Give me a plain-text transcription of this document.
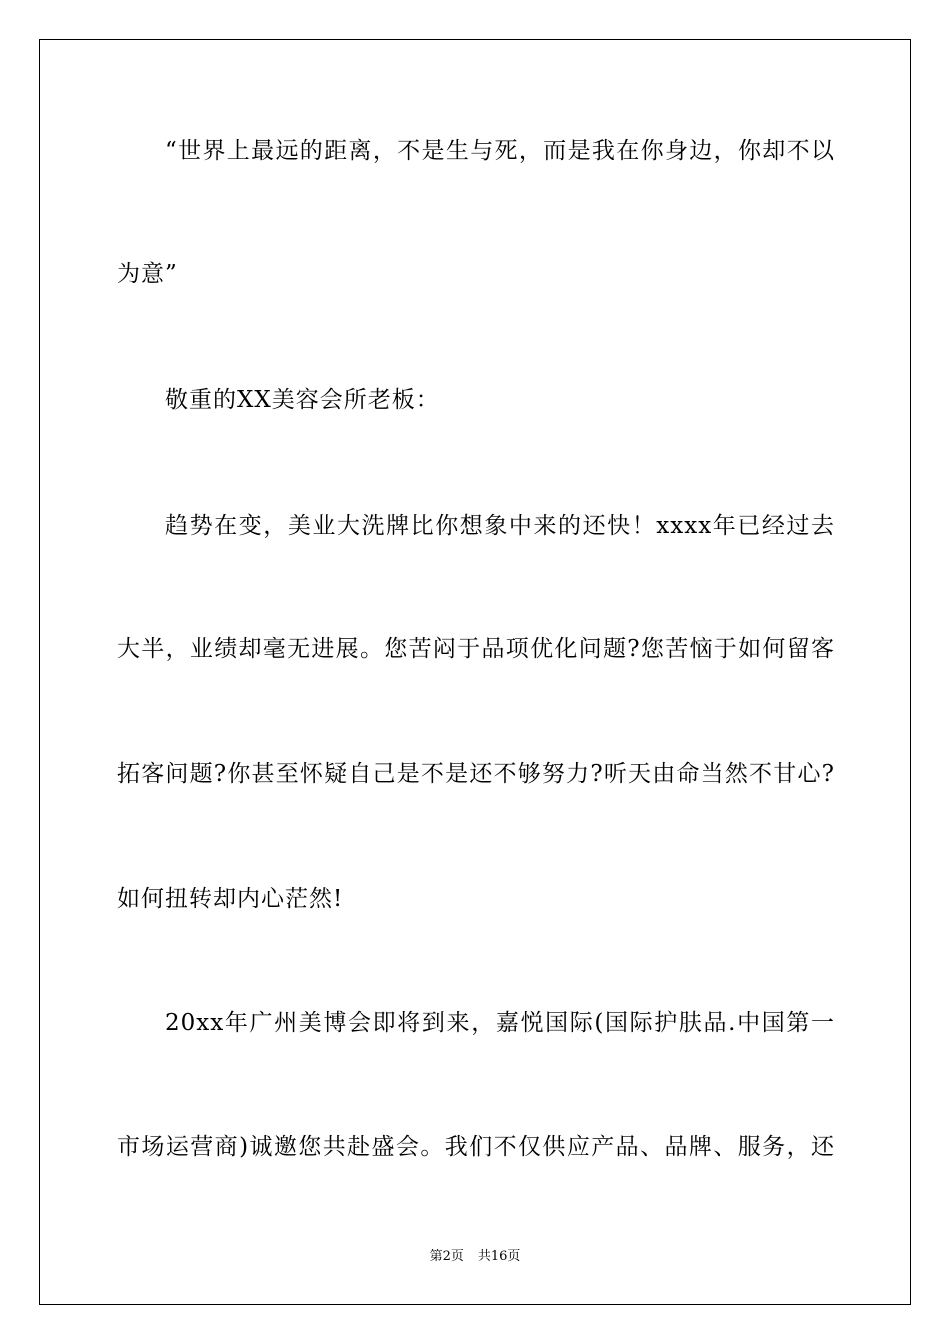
“世界上最远的距离，不是生与死，而是我在你身边，你却不以
为意”
敬重的XX美容会所老板：
趋势在变，美业大洗牌比你想象中来的还快！xxxx年已经过去
大半，业绩却毫无进展。您苦闷于品项优化问题?您苦恼于如何留客
拓客问题?你甚至怀疑自己是不是还不够努力?听天由命当然不甘心?
如何扭转却内心茫然!
20xx年广州美博会即将到来，嘉悦国际(国际护肤品.中国第一
市场运营商)诚邀您共赴盛会。我们不仅供应产品、品牌、服务，还
第2页 共16页
